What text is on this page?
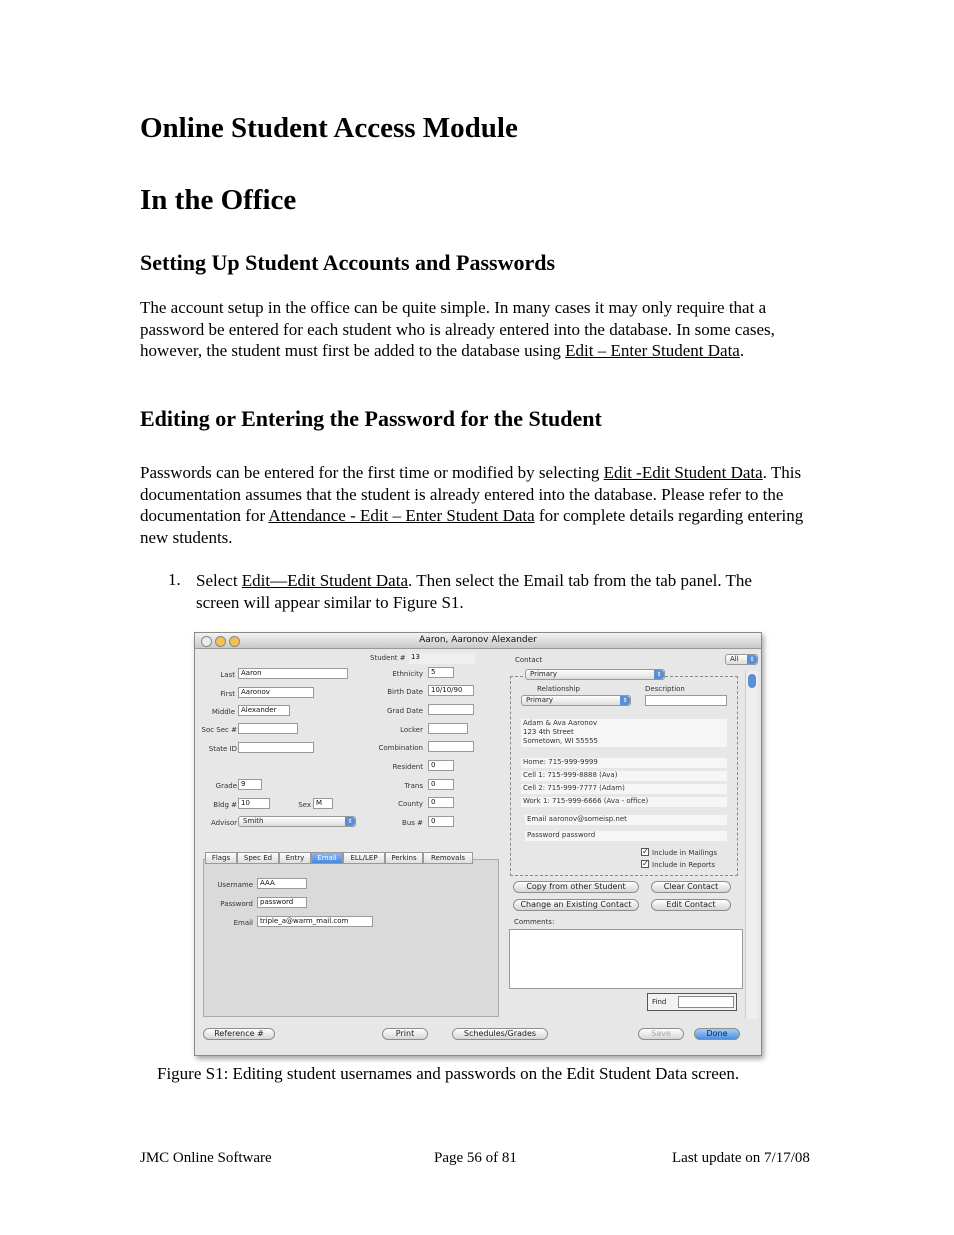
Online Student Access Module
In the Office
Setting Up Student Accounts and Passwords
The account setup in the office can be quite simple. In many cases it may only require that a password be entered for each student who is already entered into the database. In some cases, however, the student must first be added to the database using Edit – Enter Student Data.
Editing or Entering the Password for the Student
Passwords can be entered for the first time or modified by selecting Edit -Edit Student Data. This documentation assumes that the student is already entered into the database. Please refer to the documentation for Attendance - Edit – Enter Student Data for complete details regarding entering new students.
1. Select Edit—Edit Student Data. Then select the Email tab from the tab panel. The screen will appear similar to Figure S1.
Aaron, Aaronov Alexander
Student # 13
Last Aaron
First Aaronov
Middle Alexander
Soc Sec #
State ID
Grade 9
Bldg # 10	Sex M
Advisor Smith	⇕
Ethnicity	5
Birth Date	10/10/90
Grad Date
Locker
Combination
Resident	0
Trans	0
County	0
Bus #	0
Flags	Spec Ed	Entry	Email	ELL/LEP	Perkins	Removals
Username	AAA
Password	password
Email	triple_a@warm_mail.com
Contact	All	⇕
Primary	⇕
Relationship	Description
Primary	⇕
Adam & Ava Aaronov
123 4th Street
Sometown, WI 55555
Home: 715-999-9999
Cell 1: 715-999-8888 (Ava)
Cell 2: 715-999-7777 (Adam)
Work 1: 715-999-6666 (Ava - office)
Email aaronov@someisp.net
Password password
✓ Include in Mailings
✓ Include in Reports
Copy from other Student	Clear Contact
Change an Existing Contact	Edit Contact
Comments:
Find
Reference #	Print	Schedules/Grades	Save	Done
Figure S1: Editing student usernames and passwords on the Edit Student Data screen.
JMC Online Software	Page 56 of 81	Last update on 7/17/08
